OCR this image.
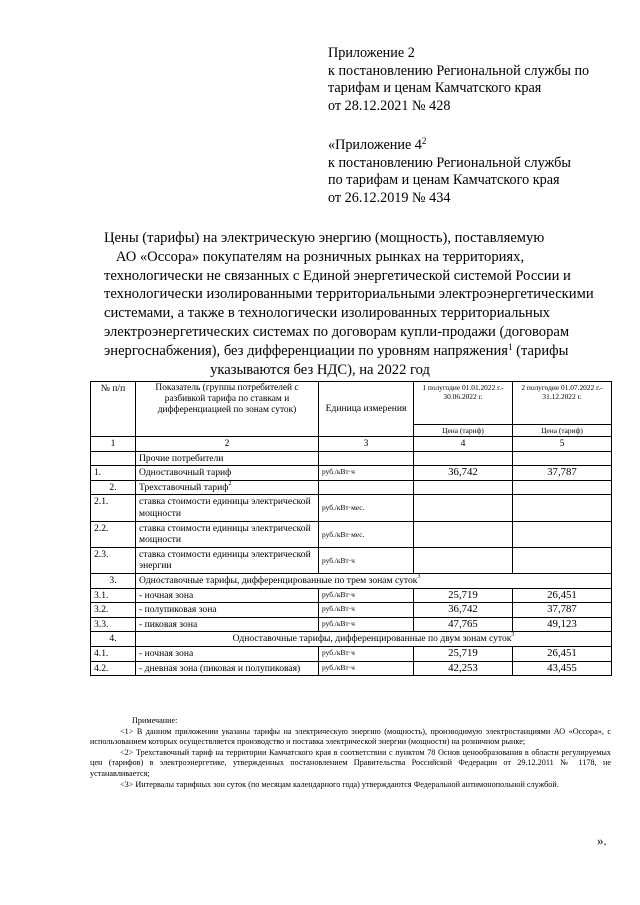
Приложение 2
к постановлению Региональной службы по
тарифам и ценам Камчатского края
от 28.12.2021 № 428
«Приложение $4^2$
к постановлению Региональной службы
по тарифам и ценам Камчатского края
от 26.12.2019 № 434
Цены (тарифы) на электрическую энергию (мощность), поставляемую
АО «Оссора» покупателям на розничных рынках на территориях,
технологически не связанных с Единой энергетической системой России и
технологически изолированными территориальными электроэнергетическими
системами, а также в технологически изолированных территориальных
электроэнергетических системах по договорам купли-продажи (договорам
энергоснабжения), без дифференциации по уровням напряжения$^1$ (тарифы
указываются без НДС), на 2022 год
№ п/п	Показатель (группы потребителей с разбивкой тарифа по ставкам и дифференциацией по зонам суток)	Единица измерения	1 полугодие 01.01.2022 г.- 30.06.2022 г.	2 полугодие 01.07.2022 г.- 31.12.2022 г.
			Цена (тариф)	Цена (тариф)
1	2	3	4	5
	Прочие потребители			
1.	Одноставочный тариф	руб./кВт·ч	36,742	37,787
2.	Трехставочный тариф$^2$			
2.1.	ставка стоимости единицы электрической мощности	руб./кВт·мес.		
2.2.	ставка стоимости единицы электрической мощности	руб./кВт·мес.		
2.3.	ставка стоимости единицы электрической энергии	руб./кВт·ч		
3.	Одноставочные тарифы, дифференцированные по трем зонам суток$^3$
3.1.	- ночная зона	руб./кВт·ч	25,719	26,451
3.2.	- полупиковая зона	руб./кВт·ч	36,742	37,787
3.3.	- пиковая зона	руб./кВт·ч	47,765	49,123
4.	Одноставочные тарифы, дифференцированные по двум зонам суток$^3$
4.1.	- ночная зона	руб./кВт·ч	25,719	26,451
4.2.	- дневная зона (пиковая и полупиковая)	руб./кВт·ч	42,253	43,455

Примечание:

<1> В данном приложении указаны тарифы на электрическую энергию (мощность), производимую электростанциями АО «Оссора», с использованием которых осуществляется производство и поставка электрической энергии (мощности) на розничном рынке;

<2> Трехставочный тариф на территории Камчатского края в соответствии с пунктом 78 Основ ценообразования в области регулируемых цен (тарифов) в электроэнергетике, утвержденных постановлением Правительства Российской Федерации от 29.12.2011 № 1178, не устанавливается;

<3> Интервалы тарифных зон суток (по месяцам календарного года) утверждаются Федеральной антимонопольной службой.

».
